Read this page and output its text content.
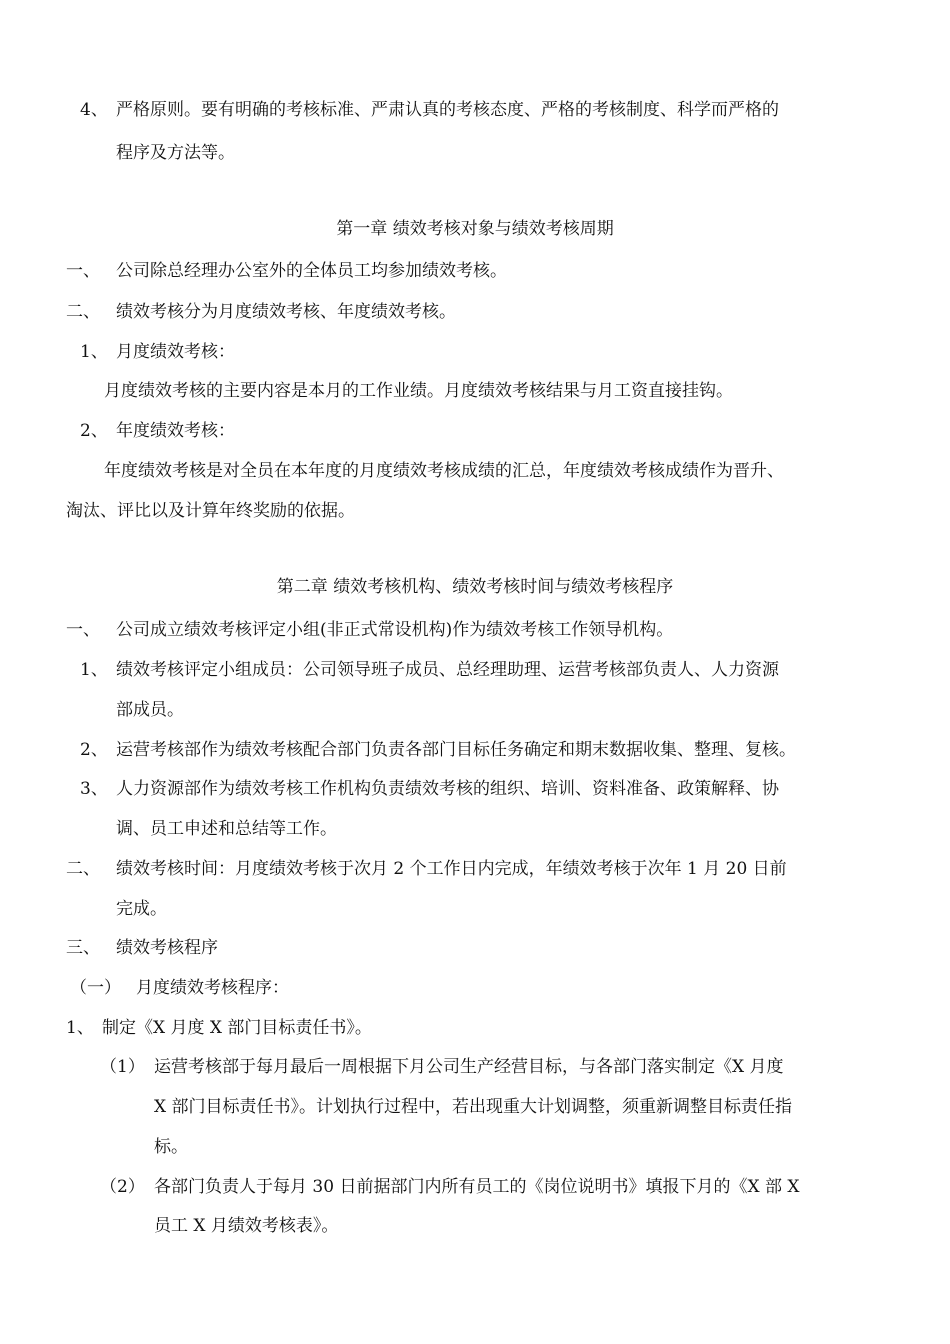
4、 严格原则。要有明确的考核标准、严肃认真的考核态度、严格的考核制度、科学而严格的
程序及方法等。
第一章 绩效考核对象与绩效考核周期
一、 公司除总经理办公室外的全体员工均参加绩效考核。
二、 绩效考核分为月度绩效考核、年度绩效考核。
1、 月度绩效考核：
月度绩效考核的主要内容是本月的工作业绩。月度绩效考核结果与月工资直接挂钩。
2、 年度绩效考核：
年度绩效考核是对全员在本年度的月度绩效考核成绩的汇总，年度绩效考核成绩作为晋升、
淘汰、评比以及计算年终奖励的依据。
第二章 绩效考核机构、绩效考核时间与绩效考核程序
一、 公司成立绩效考核评定小组(非正式常设机构)作为绩效考核工作领导机构。
1、 绩效考核评定小组成员：公司领导班子成员、总经理助理、运营考核部负责人、人力资源
部成员。
2、 运营考核部作为绩效考核配合部门负责各部门目标任务确定和期末数据收集、整理、复核。
3、 人力资源部作为绩效考核工作机构负责绩效考核的组织、培训、资料准备、政策解释、协
调、员工申述和总结等工作。
二、 绩效考核时间：月度绩效考核于次月 2 个工作日内完成，年绩效考核于次年 1 月 20 日前
完成。
三、 绩效考核程序
（一） 月度绩效考核程序：
1、 制定《X 月度 X 部门目标责任书》。
（1） 运营考核部于每月最后一周根据下月公司生产经营目标，与各部门落实制定《X 月度
X 部门目标责任书》。计划执行过程中，若出现重大计划调整，须重新调整目标责任指
标。
（2） 各部门负责人于每月 30 日前据部门内所有员工的《岗位说明书》填报下月的《X 部 X
员工 X 月绩效考核表》。
